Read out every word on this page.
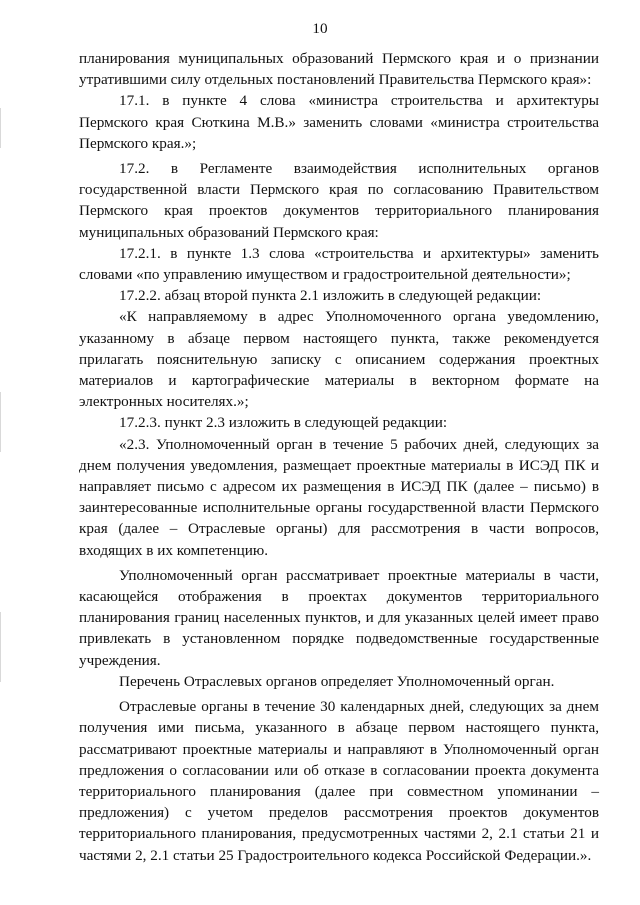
10

планирования муниципальных образований Пермского края и о признании утратившими силу отдельных постановлений Правительства Пермского края»:

17.1. в пункте 4 слова «министра строительства и архитектуры Пермского края Сюткина М.В.» заменить словами «министра строительства Пермского края.»;

17.2. в Регламенте взаимодействия исполнительных органов государственной власти Пермского края по согласованию Правительством Пермского края проектов документов территориального планирования муниципальных образований Пермского края:

17.2.1. в пункте 1.3 слова «строительства и архитектуры» заменить словами «по управлению имуществом и градостроительной деятельности»;

17.2.2. абзац второй пункта 2.1 изложить в следующей редакции:

«К направляемому в адрес Уполномоченного органа уведомлению, указанному в абзаце первом настоящего пункта, также рекомендуется прилагать пояснительную записку с описанием содержания проектных материалов и картографические материалы в векторном формате на электронных носителях.»;

17.2.3. пункт 2.3 изложить в следующей редакции:

«2.3. Уполномоченный орган в течение 5 рабочих дней, следующих за днем получения уведомления, размещает проектные материалы в ИСЭД ПК и направляет письмо с адресом их размещения в ИСЭД ПК (далее – письмо) в заинтересованные исполнительные органы государственной власти Пермского края (далее – Отраслевые органы) для рассмотрения в части вопросов, входящих в их компетенцию.

Уполномоченный орган рассматривает проектные материалы в части, касающейся отображения в проектах документов территориального планирования границ населенных пунктов, и для указанных целей имеет право привлекать в установленном порядке подведомственные государственные учреждения.

Перечень Отраслевых органов определяет Уполномоченный орган.

Отраслевые органы в течение 30 календарных дней, следующих за днем получения ими письма, указанного в абзаце первом настоящего пункта, рассматривают проектные материалы и направляют в Уполномоченный орган предложения о согласовании или об отказе в согласовании проекта документа территориального планирования (далее при совместном упоминании – предложения) с учетом пределов рассмотрения проектов документов территориального планирования, предусмотренных частями 2, 2.1 статьи 21 и частями 2, 2.1 статьи 25 Градостроительного кодекса Российской Федерации.».
